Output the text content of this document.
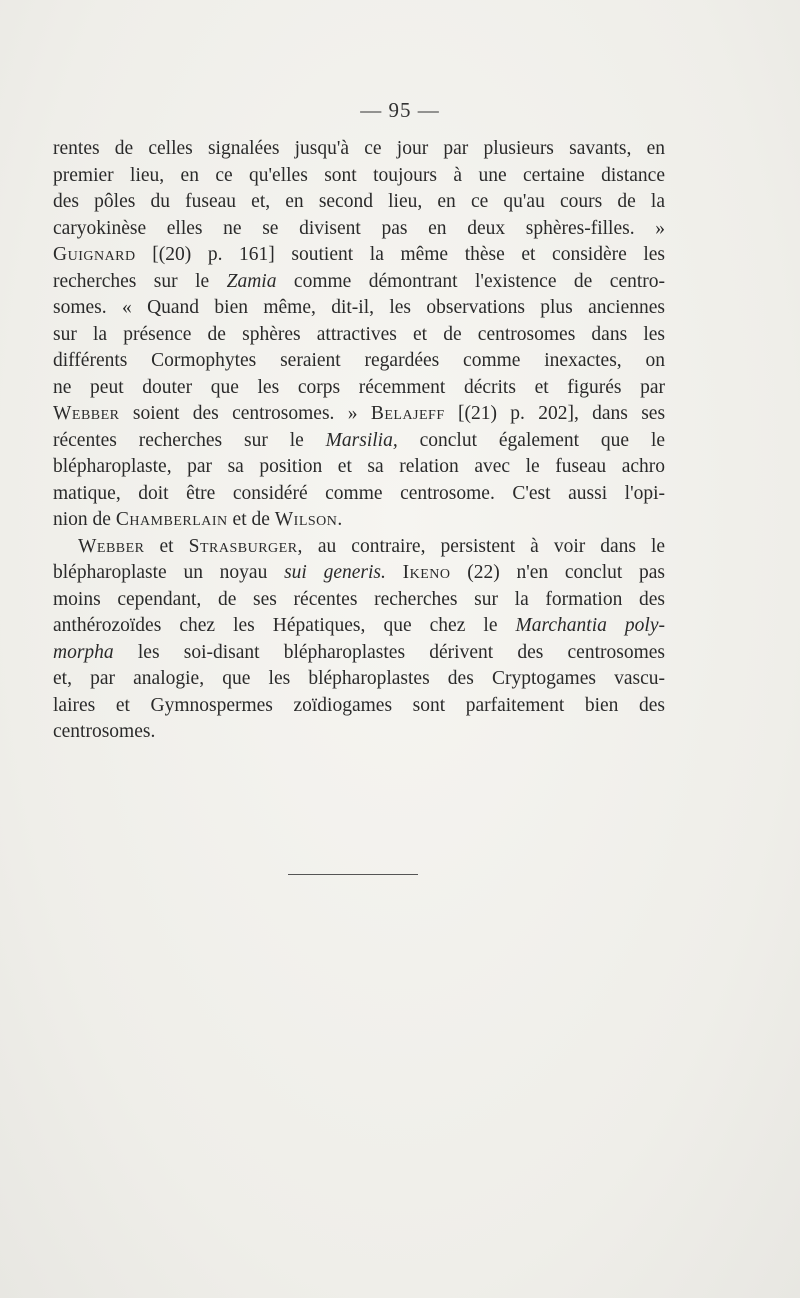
— 95 —
rentes de celles signalées jusqu'à ce jour par plusieurs savants, en
premier lieu, en ce qu'elles sont toujours à une certaine distance
des pôles du fuseau et, en second lieu, en ce qu'au cours de la
caryokinèse elles ne se divisent pas en deux sphères-filles. »
Guignard [(20) p. 161] soutient la même thèse et considère les
recherches sur le Zamia comme démontrant l'existence de centro-
somes. « Quand bien même, dit-il, les observations plus anciennes
sur la présence de sphères attractives et de centrosomes dans les
différents Cormophytes seraient regardées comme inexactes, on
ne peut douter que les corps récemment décrits et figurés par
Webber soient des centrosomes. » Belajeff [(21) p. 202], dans ses
récentes recherches sur le Marsilia, conclut également que le
blépharoplaste, par sa position et sa relation avec le fuseau achro
matique, doit être considéré comme centrosome. C'est aussi l'opi-
nion de Chamberlain et de Wilson.
Webber et Strasburger, au contraire, persistent à voir dans le
blépharoplaste un noyau sui generis. Ikeno (22) n'en conclut pas
moins cependant, de ses récentes recherches sur la formation des
anthérozoïdes chez les Hépatiques, que chez le Marchantia poly-
morpha les soi-disant blépharoplastes dérivent des centrosomes
et, par analogie, que les blépharoplastes des Cryptogames vascu-
laires et Gymnospermes zoïdiogames sont parfaitement bien des
centrosomes.
